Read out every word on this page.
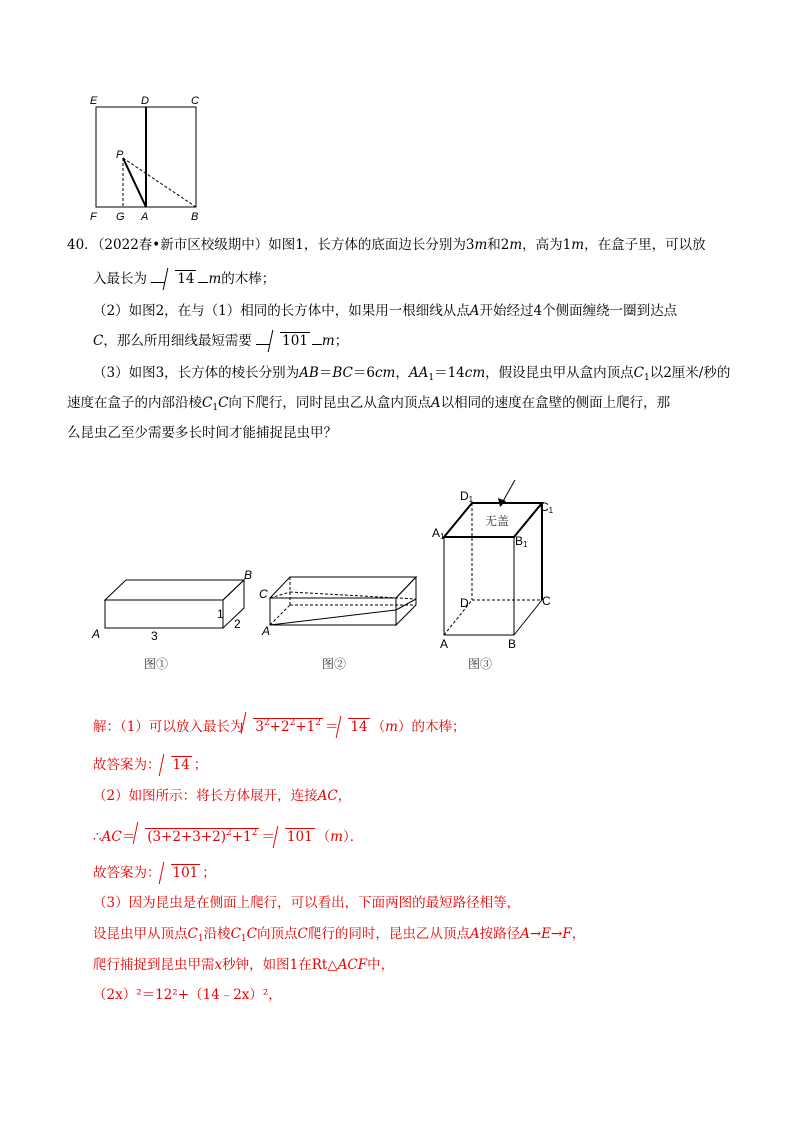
E	D	C
P
F G A	B
40．（2022春•新市区校级期中）如图1，长方体的底面边长分别为3m和2m，高为1m，在盒子里，可以放
入最长为 14 m的木棒；
（2）如图2，在与（1）相同的长方体中，如果用一根细线从点A开始经过4个侧面缠绕一圈到达点
C，那么所用细线最短需要 101 m；
（3）如图3，长方体的棱长分别为AB＝BC＝6cm，$AA_1=14cm$，假设昆虫甲从盒内顶点$C_1$以2厘米/秒的
速度在盒子的内部沿棱$C_1C$向下爬行，同时昆虫乙从盒内顶点A以相同的速度在盒壁的侧面上爬行，那
么昆虫乙至少需要多长时间才能捕捉昆虫甲？
B
A	3
2
1
图①
C
A
图②
无盖
D1
C1
A1	B1
D	C
A	B
图③
解：（1）可以放入最长为 $3^2+2^2+1^2 = 14$ （m）的木棒；
故答案为： 14 ；
（2）如图所示：将长方体展开，连接AC，
∴AC＝ $(3+2+3+2)^2+1^2 = 101$ （m）．
故答案为： 101 ；
（3）因为昆虫是在侧面上爬行，可以看出，下面两图的最短路径相等，
设昆虫甲从顶点$C_1$沿棱$C_1C$向顶点C爬行的同时，昆虫乙从顶点A按路径A→E→F，
爬行捕捉到昆虫甲需x秒钟，如图1在Rt△ACF中，
（2x）²＝12²+（14﹣2x）²，
